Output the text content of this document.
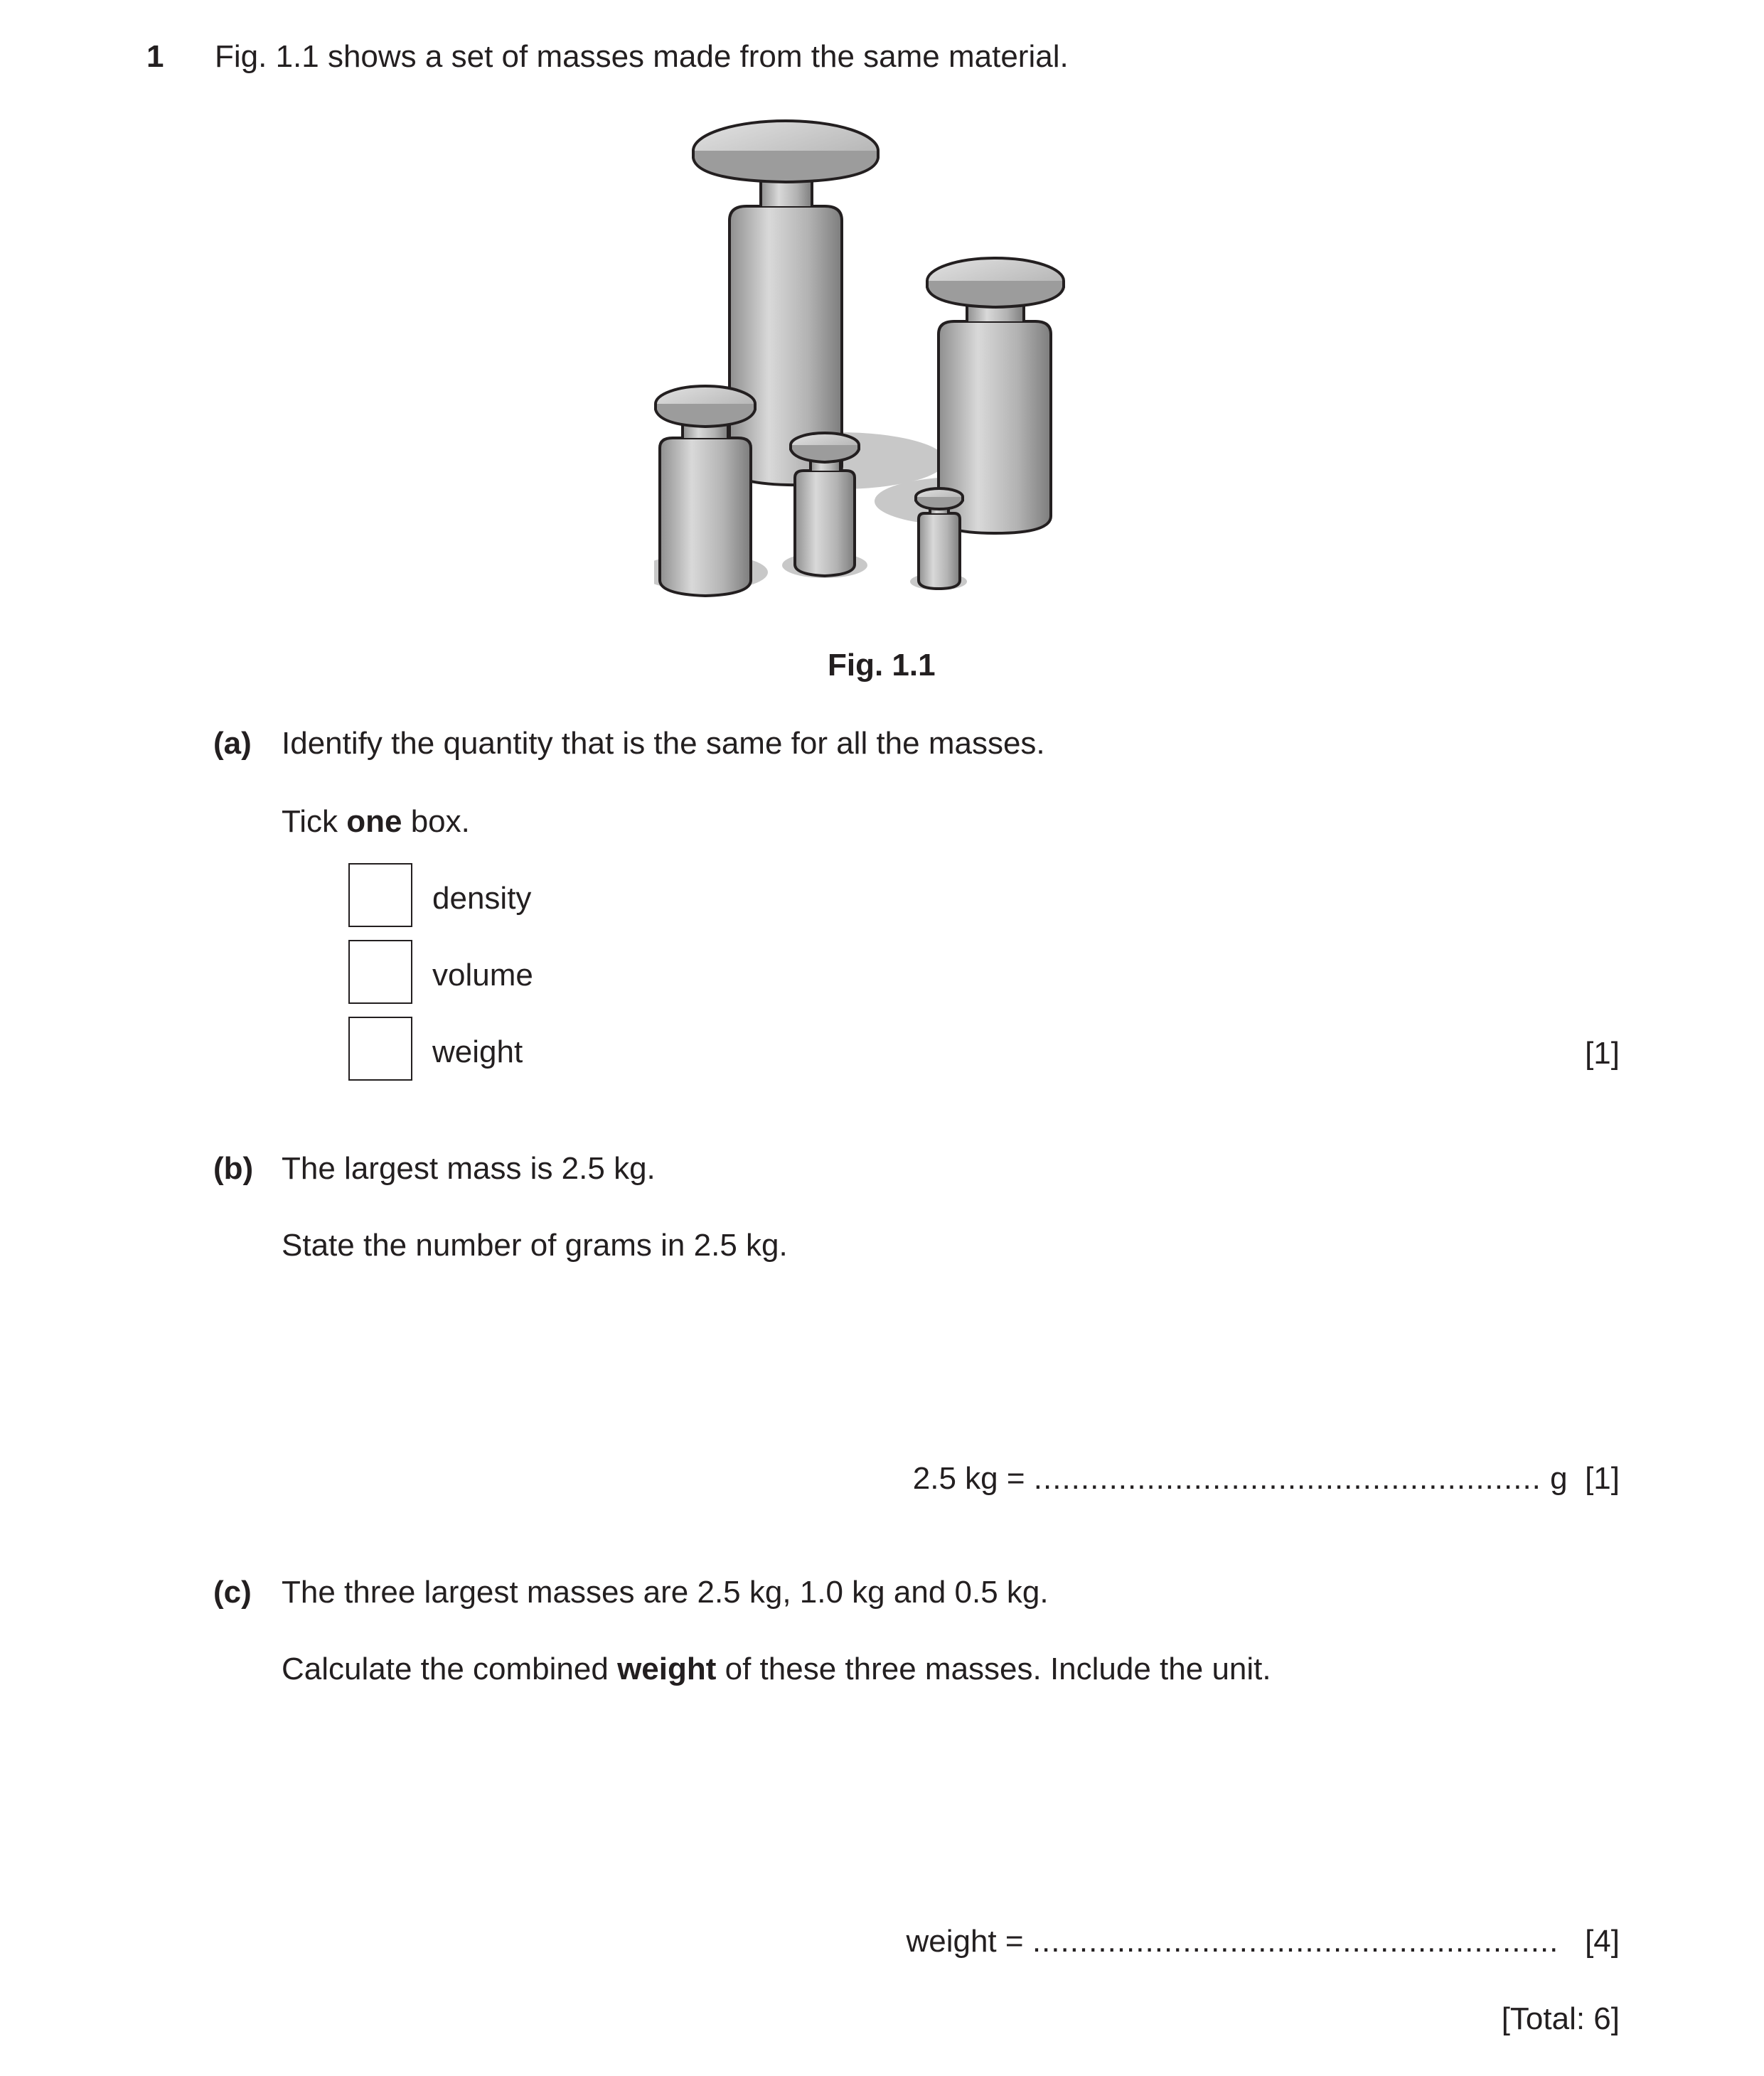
1 Fig. 1.1 shows a set of masses made from the same material.
Fig. 1.1
(a) Identify the quantity that is the same for all the masses.
Tick one box.
density
volume
weight	[1]
(b) The largest mass is 2.5 kg.
State the number of grams in 2.5 kg.
2.5 kg = ...................................................... g [1]
(c) The three largest masses are 2.5 kg, 1.0 kg and 0.5 kg.
Calculate the combined weight of these three masses. Include the unit.
weight = ........................................................ [4]
[Total: 6]
